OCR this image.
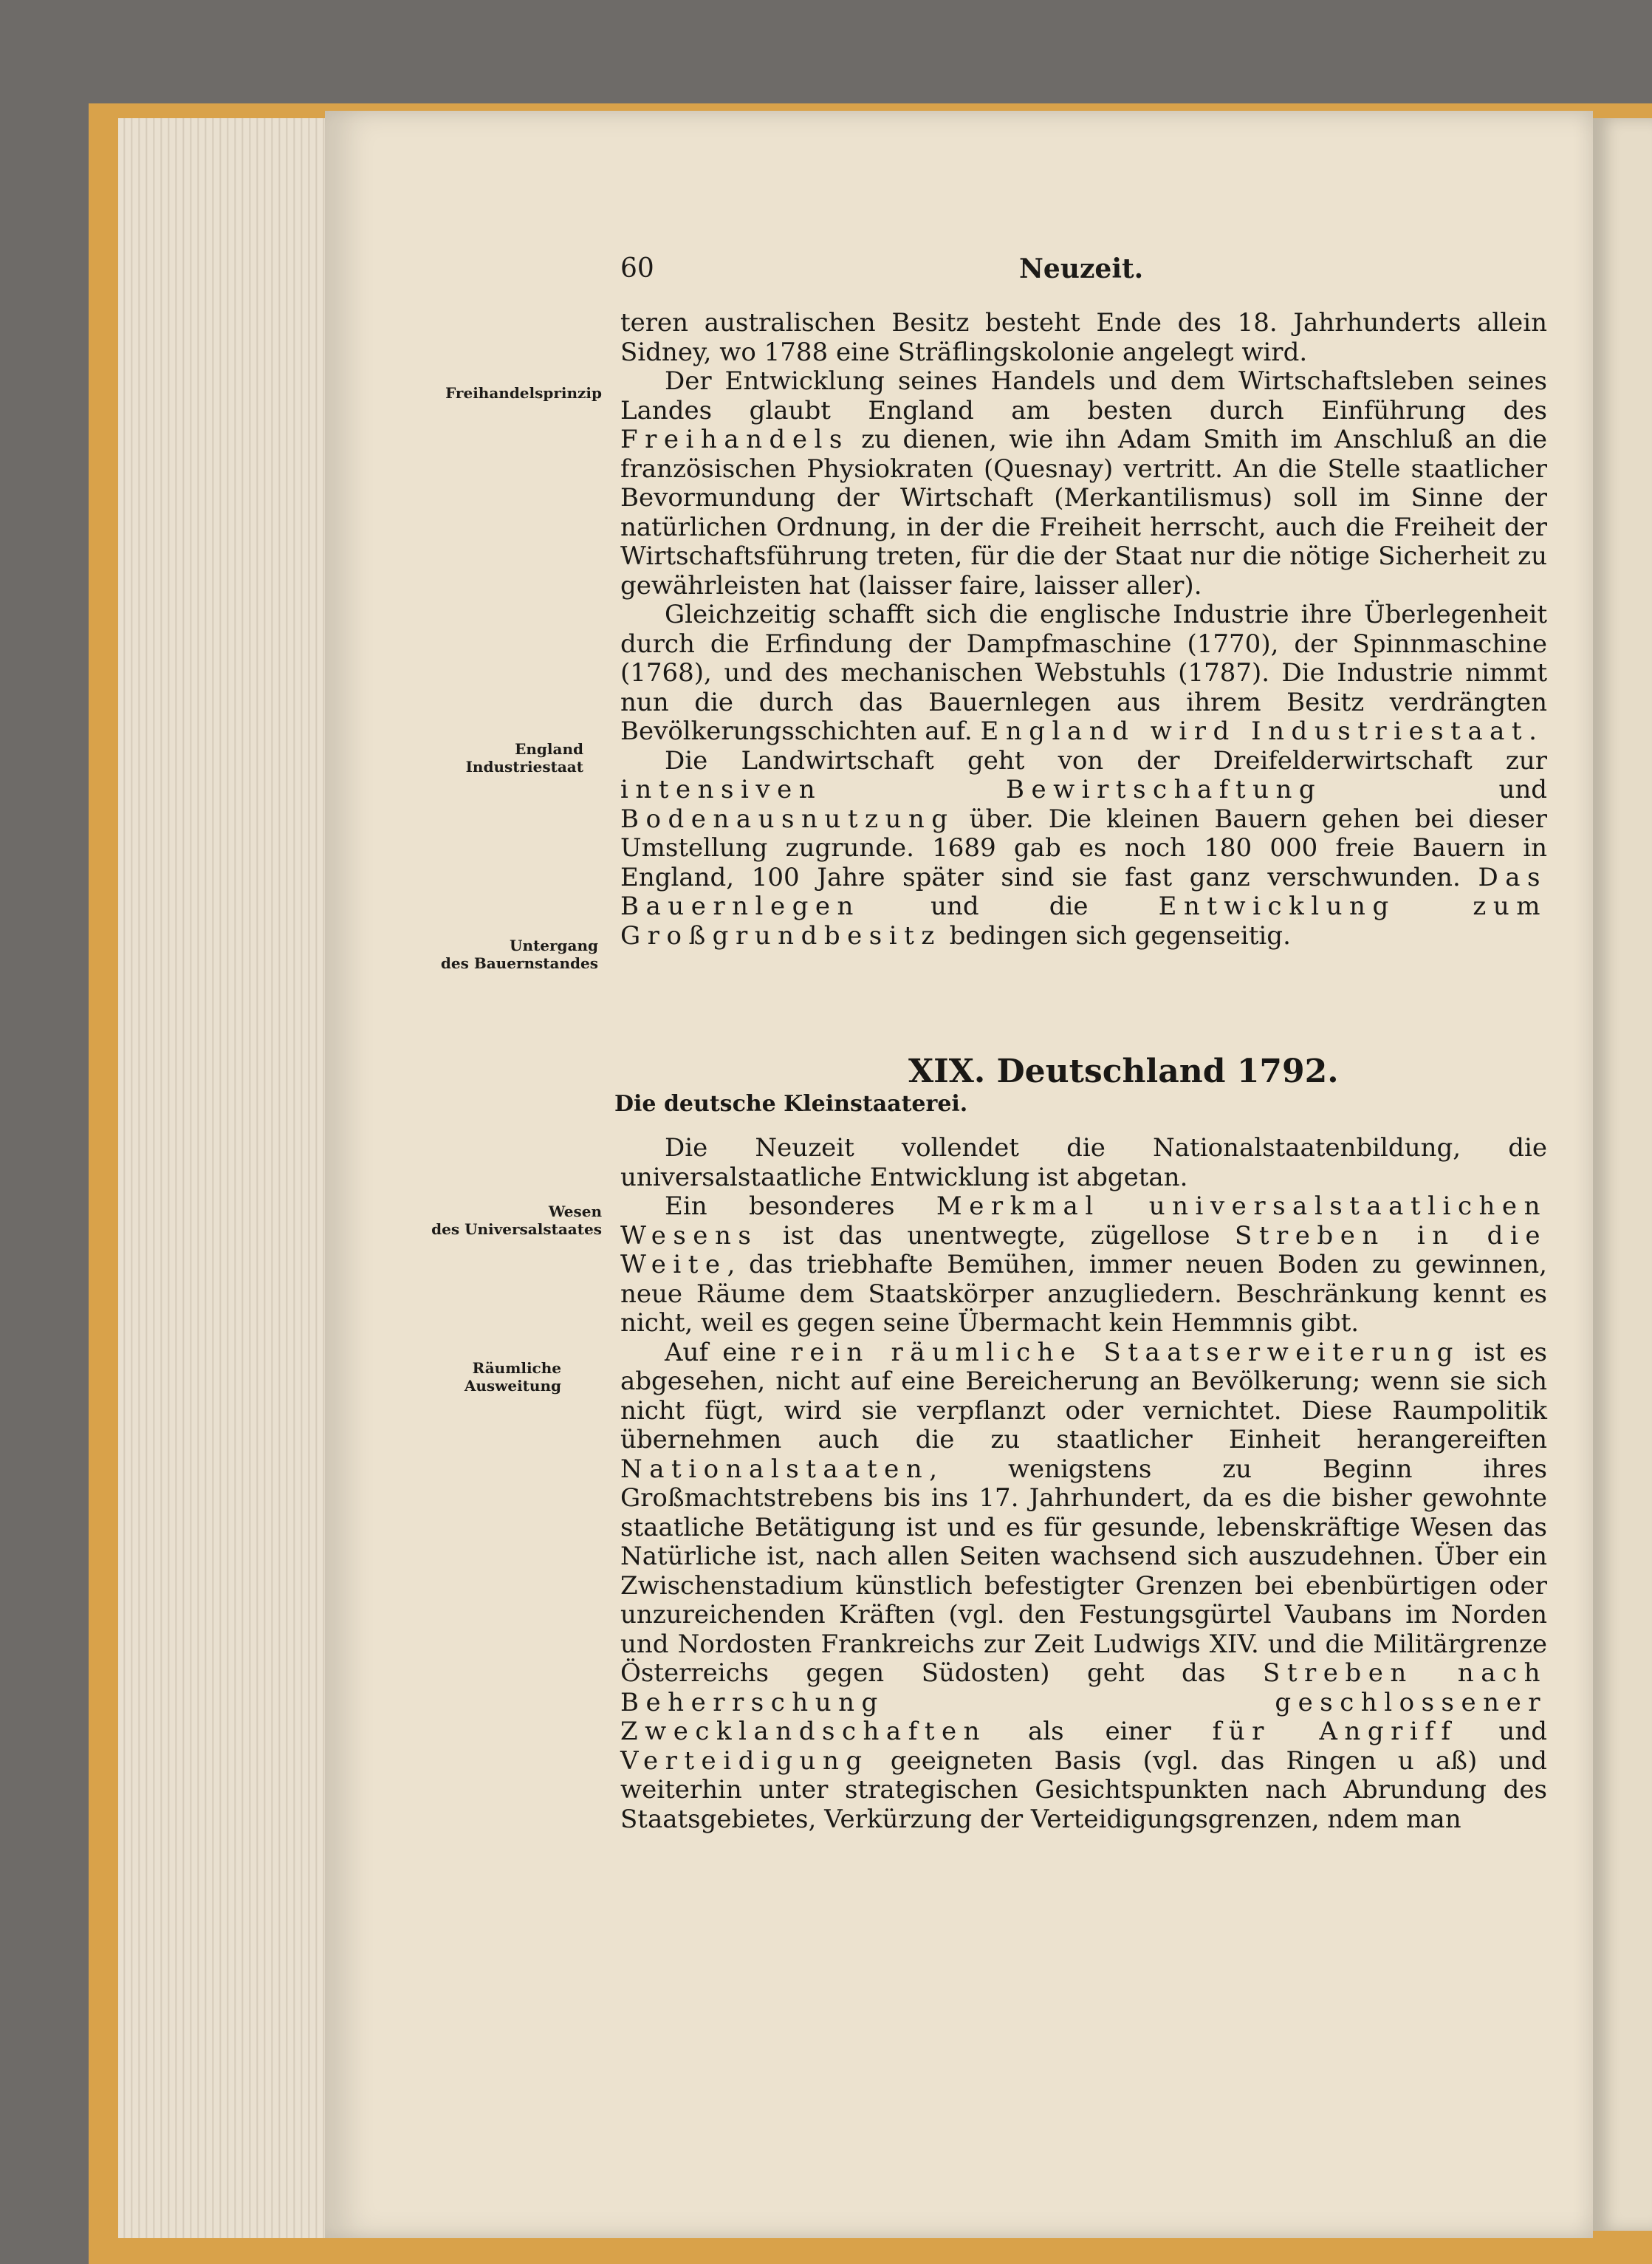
60	Neuzeit.
Freihandelsprinzip
England
Industriestaat
Untergang
des Bauernstandes
Wesen
des Universalstaates
Räumliche
Ausweitung

teren australischen Besitz besteht Ende des 18. Jahrhunderts allein Sidney, wo 1788 eine Sträflingskolonie angelegt wird.

Der Entwicklung seines Handels und dem Wirtschaftsleben seines Landes glaubt England am besten durch Einführung des Freihandels zu dienen, wie ihn Adam Smith im Anschluß an die französischen Physiokraten (Quesnay) vertritt. An die Stelle staatlicher Bevormundung der Wirtschaft (Merkantilismus) soll im Sinne der natürlichen Ordnung, in der die Freiheit herrscht, auch die Freiheit der Wirtschaftsführung treten, für die der Staat nur die nötige Sicherheit zu gewährleisten hat (laisser faire, laisser aller).

Gleichzeitig schafft sich die englische Industrie ihre Überlegenheit durch die Erfindung der Dampfmaschine (1770), der Spinnmaschine (1768), und des mechanischen Webstuhls (1787). Die Industrie nimmt nun die durch das Bauernlegen aus ihrem Besitz verdrängten Bevölkerungsschichten auf. England wird Industriestaat.

Die Landwirtschaft geht von der Dreifelderwirtschaft zur intensiven Bewirtschaftung und Bodenausnutzung über. Die kleinen Bauern gehen bei dieser Umstellung zugrunde. 1689 gab es noch 180 000 freie Bauern in England, 100 Jahre später sind sie fast ganz verschwunden. Das Bauernlegen und die Entwicklung zum Großgrundbesitz bedingen sich gegenseitig.

XIX. Deutschland 1792.
Die deutsche Kleinstaaterei.

Die Neuzeit vollendet die Nationalstaatenbildung, die universalstaatliche Entwicklung ist abgetan.

Ein besonderes Merkmal universalstaatlichen Wesens ist das unentwegte, zügellose Streben in die Weite, das triebhafte Bemühen, immer neuen Boden zu gewinnen, neue Räume dem Staatskörper anzugliedern. Beschränkung kennt es nicht, weil es gegen seine Übermacht kein Hemmnis gibt.

Auf eine rein räumliche Staatserweiterung ist es abgesehen, nicht auf eine Bereicherung an Bevölkerung; wenn sie sich nicht fügt, wird sie verpflanzt oder vernichtet. Diese Raumpolitik übernehmen auch die zu staatlicher Einheit herangereiften Nationalstaaten, wenigstens zu Beginn ihres Großmachtstrebens bis ins 17. Jahrhundert, da es die bisher gewohnte staatliche Betätigung ist und es für gesunde, lebenskräftige Wesen das Natürliche ist, nach allen Seiten wachsend sich auszudehnen. Über ein Zwischenstadium künstlich befestigter Grenzen bei ebenbürtigen oder unzureichenden Kräften (vgl. den Festungsgürtel Vaubans im Norden und Nordosten Frankreichs zur Zeit Ludwigs XIV. und die Militärgrenze Österreichs gegen Südosten) geht das Streben nach Beherrschung geschlossener Zwecklandschaften als einer für Angriff und Verteidigung geeigneten Basis (vgl. das Ringen u aß) und weiterhin unter strategischen Gesichtspunkten nach Abrundung des Staatsgebietes, Verkürzung der Verteidigungsgrenzen, ndem man
